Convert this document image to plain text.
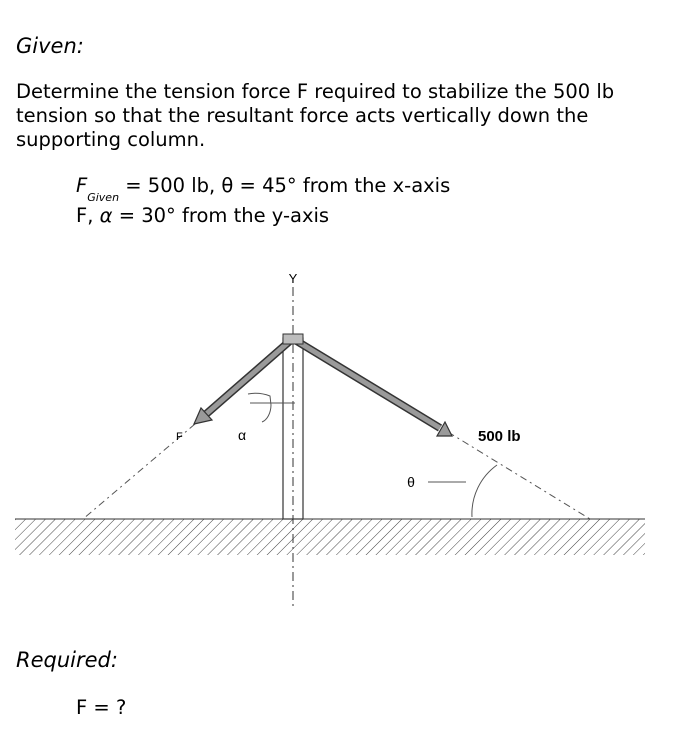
Given:
Determine the tension force F required to stabilize the 500 lb tension so that the resultant force acts vertically down the supporting column.
$F_{Given} = 500$ lb, θ = 45° from the x-axis
F, α = 30° from the y-axis
Y
α
F
θ
500 lb
Required:
F = ?
